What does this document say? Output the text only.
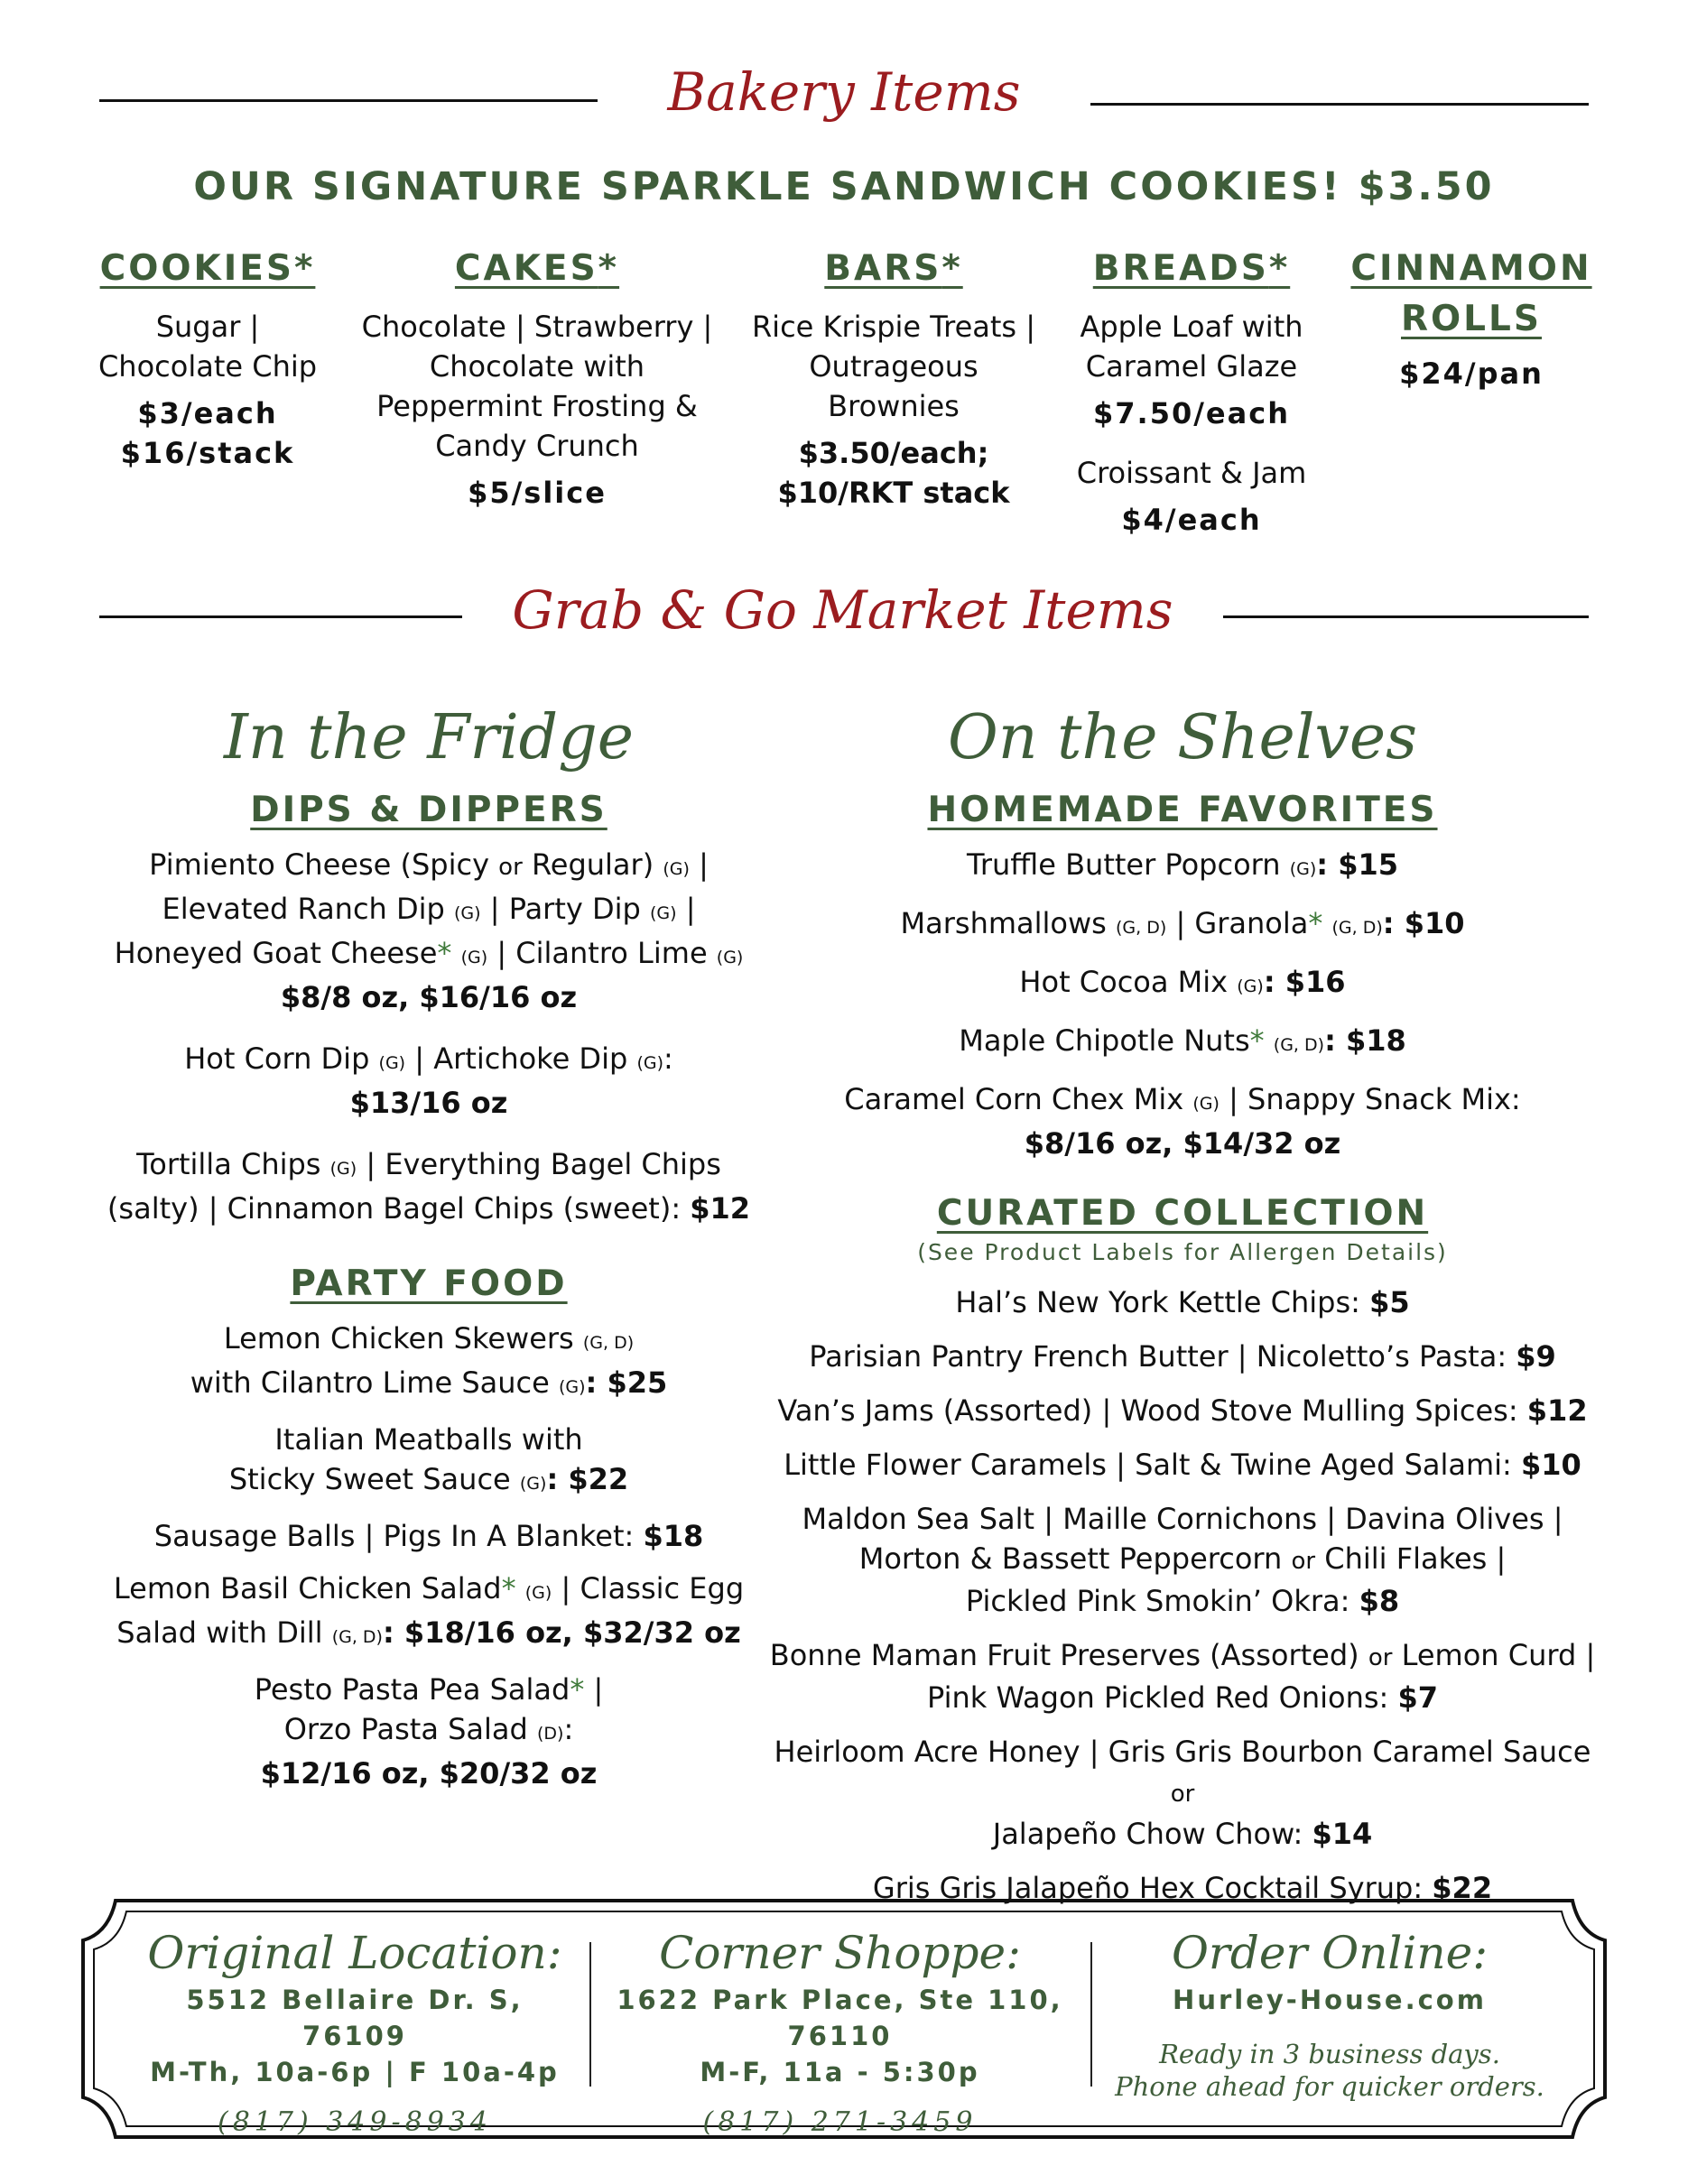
Bakery Items
OUR SIGNATURE SPARKLE SANDWICH COOKIES! $3.50
COOKIES*
Sugar |
Chocolate Chip
$3/each
$16/stack
CAKES*
Chocolate | Strawberry |
Chocolate with
Peppermint Frosting &
Candy Crunch
$5/slice
BARS*
Rice Krispie Treats |
Outrageous
Brownies
$3.50/each;
$10/RKT stack
BREADS*
Apple Loaf with
Caramel Glaze
$7.50/each
Croissant & Jam
$4/each
CINNAMON
ROLLS
$24/pan
Grab & Go Market Items
In the Fridge
DIPS & DIPPERS
Pimiento Cheese (Spicy or Regular) (G) |
Elevated Ranch Dip (G) | Party Dip (G) |
Honeyed Goat Cheese* (G) | Cilantro Lime (G)
$8/8 oz, $16/16 oz
Hot Corn Dip (G) | Artichoke Dip (G):
$13/16 oz
Tortilla Chips (G) | Everything Bagel Chips
(salty) | Cinnamon Bagel Chips (sweet): $12
PARTY FOOD
Lemon Chicken Skewers (G, D)
with Cilantro Lime Sauce (G): $25
Italian Meatballs with
Sticky Sweet Sauce (G): $22
Sausage Balls | Pigs In A Blanket: $18
Lemon Basil Chicken Salad* (G) | Classic Egg
Salad with Dill (G, D): $18/16 oz, $32/32 oz
Pesto Pasta Pea Salad* |
Orzo Pasta Salad (D):
$12/16 oz, $20/32 oz
On the Shelves
HOMEMADE FAVORITES
Truffle Butter Popcorn (G): $15
Marshmallows (G, D) | Granola* (G, D): $10
Hot Cocoa Mix (G): $16
Maple Chipotle Nuts* (G, D): $18
Caramel Corn Chex Mix (G) | Snappy Snack Mix:
$8/16 oz, $14/32 oz
CURATED COLLECTION
(See Product Labels for Allergen Details)
Hal’s New York Kettle Chips: $5
Parisian Pantry French Butter | Nicoletto’s Pasta: $9
Van’s Jams (Assorted) | Wood Stove Mulling Spices: $12
Little Flower Caramels | Salt & Twine Aged Salami: $10
Maldon Sea Salt | Maille Cornichons | Davina Olives |
Morton & Bassett Peppercorn or Chili Flakes |
Pickled Pink Smokin’ Okra: $8
Bonne Maman Fruit Preserves (Assorted) or Lemon Curd |
Pink Wagon Pickled Red Onions: $7
Heirloom Acre Honey | Gris Gris Bourbon Caramel Sauce or
Jalapeño Chow Chow: $14
Gris Gris Jalapeño Hex Cocktail Syrup: $22
Original Location:
5512 Bellaire Dr. S, 76109
M-Th, 10a-6p | F 10a-4p
(817) 349-8934
Corner Shoppe:
1622 Park Place, Ste 110, 76110
M-F, 11a - 5:30p
(817) 271-3459
Order Online:
Hurley-House.com
Ready in 3 business days.
Phone ahead for quicker orders.
